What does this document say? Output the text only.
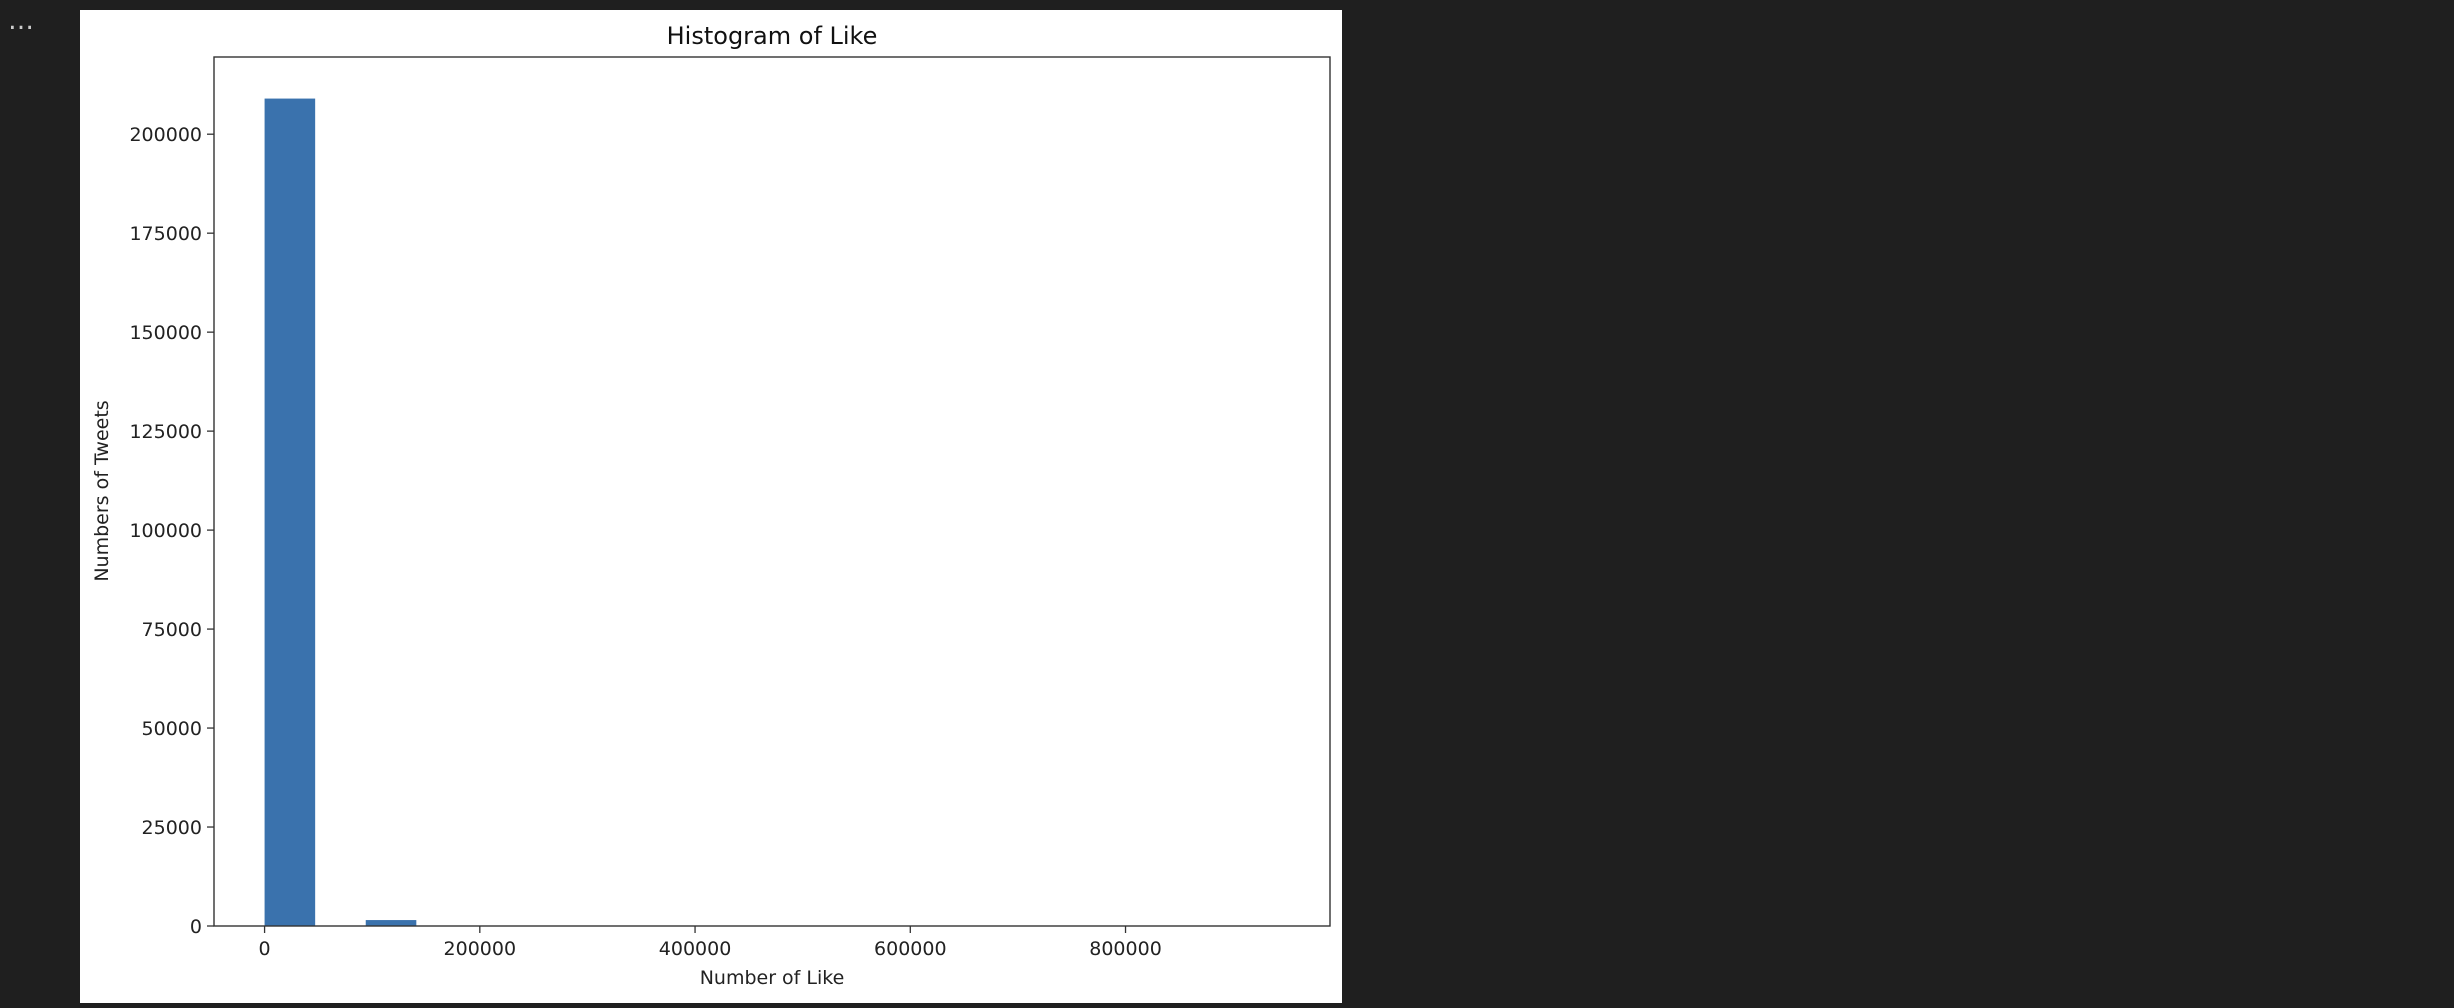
…	Histogram of Like
0
25000
50000
75000
100000
125000
150000
175000
200000
0	200000	400000	600000	800000
Number of Like
Numbers of Tweets
